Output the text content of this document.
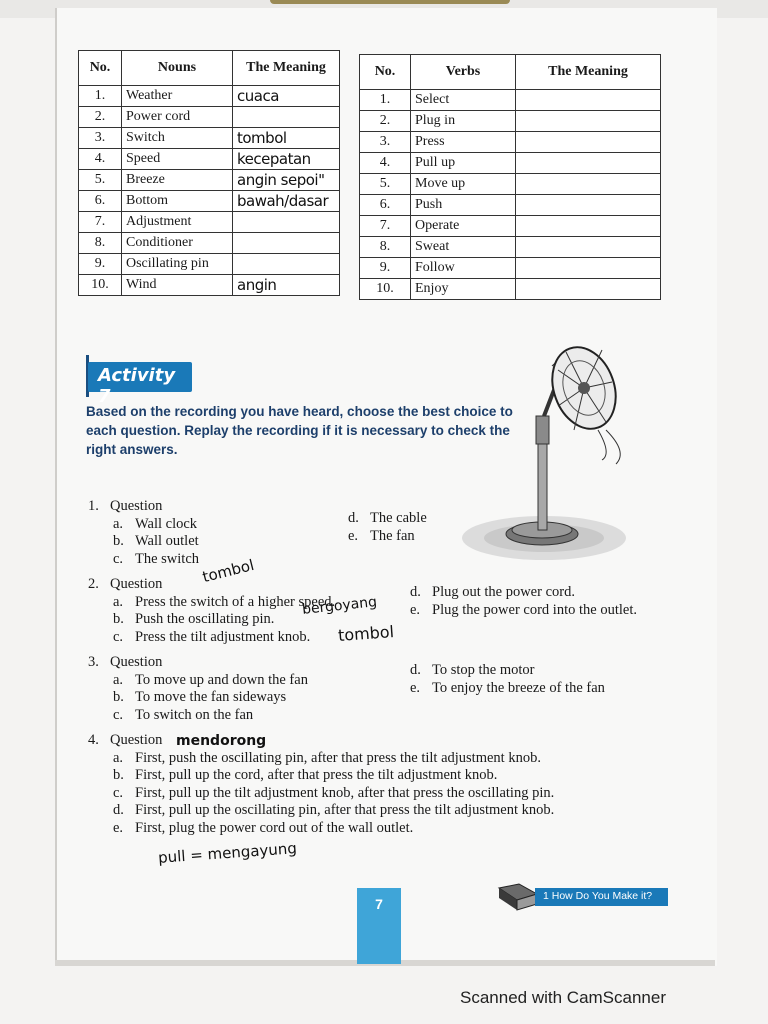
No.	Nouns	The Meaning
1.	Weather	cuaca
2.	Power cord	
3.	Switch	tombol
4.	Speed	kecepatan
5.	Breeze	angin sepoi"
6.	Bottom	bawah/dasar
7.	Adjustment	
8.	Conditioner	
9.	Oscillating pin	
10.	Wind	angin
No.	Verbs	The Meaning
1.	Select	
2.	Plug in	
3.	Press	
4.	Pull up	
5.	Move up	
6.	Push	
7.	Operate	
8.	Sweat	
9.	Follow	
10.	Enjoy	
Activity 7
Based on the recording you have heard, choose the best choice to each question. Replay the recording if it is necessary to check the right answers.
1. Question
a. Wall clock
b. Wall outlet
c. The switch
d. The cable
e. The fan
2. Question
a. Press the switch of a higher speed.
b. Push the oscillating pin.
c. Press the tilt adjustment knob.
d. Plug out the power cord.
e. Plug the power cord into the outlet.
3. Question
a. To move up and down the fan
b. To move the fan sideways
c. To switch on the fan
d. To stop the motor
e. To enjoy the breeze of the fan
4. Question
a. First, push the oscillating pin, after that press the tilt adjustment knob.
b. First, pull up the cord, after that press the tilt adjustment knob.
c. First, pull up the tilt adjustment knob, after that press the oscillating pin.
d. First, pull up the oscillating pin, after that press the tilt adjustment knob.
e. First, plug the power cord out of the wall outlet.
tombol
bergoyang
tombol
mendorong
pull = mengayung
7	1 How Do You Make it?
Scanned with CamScanner
